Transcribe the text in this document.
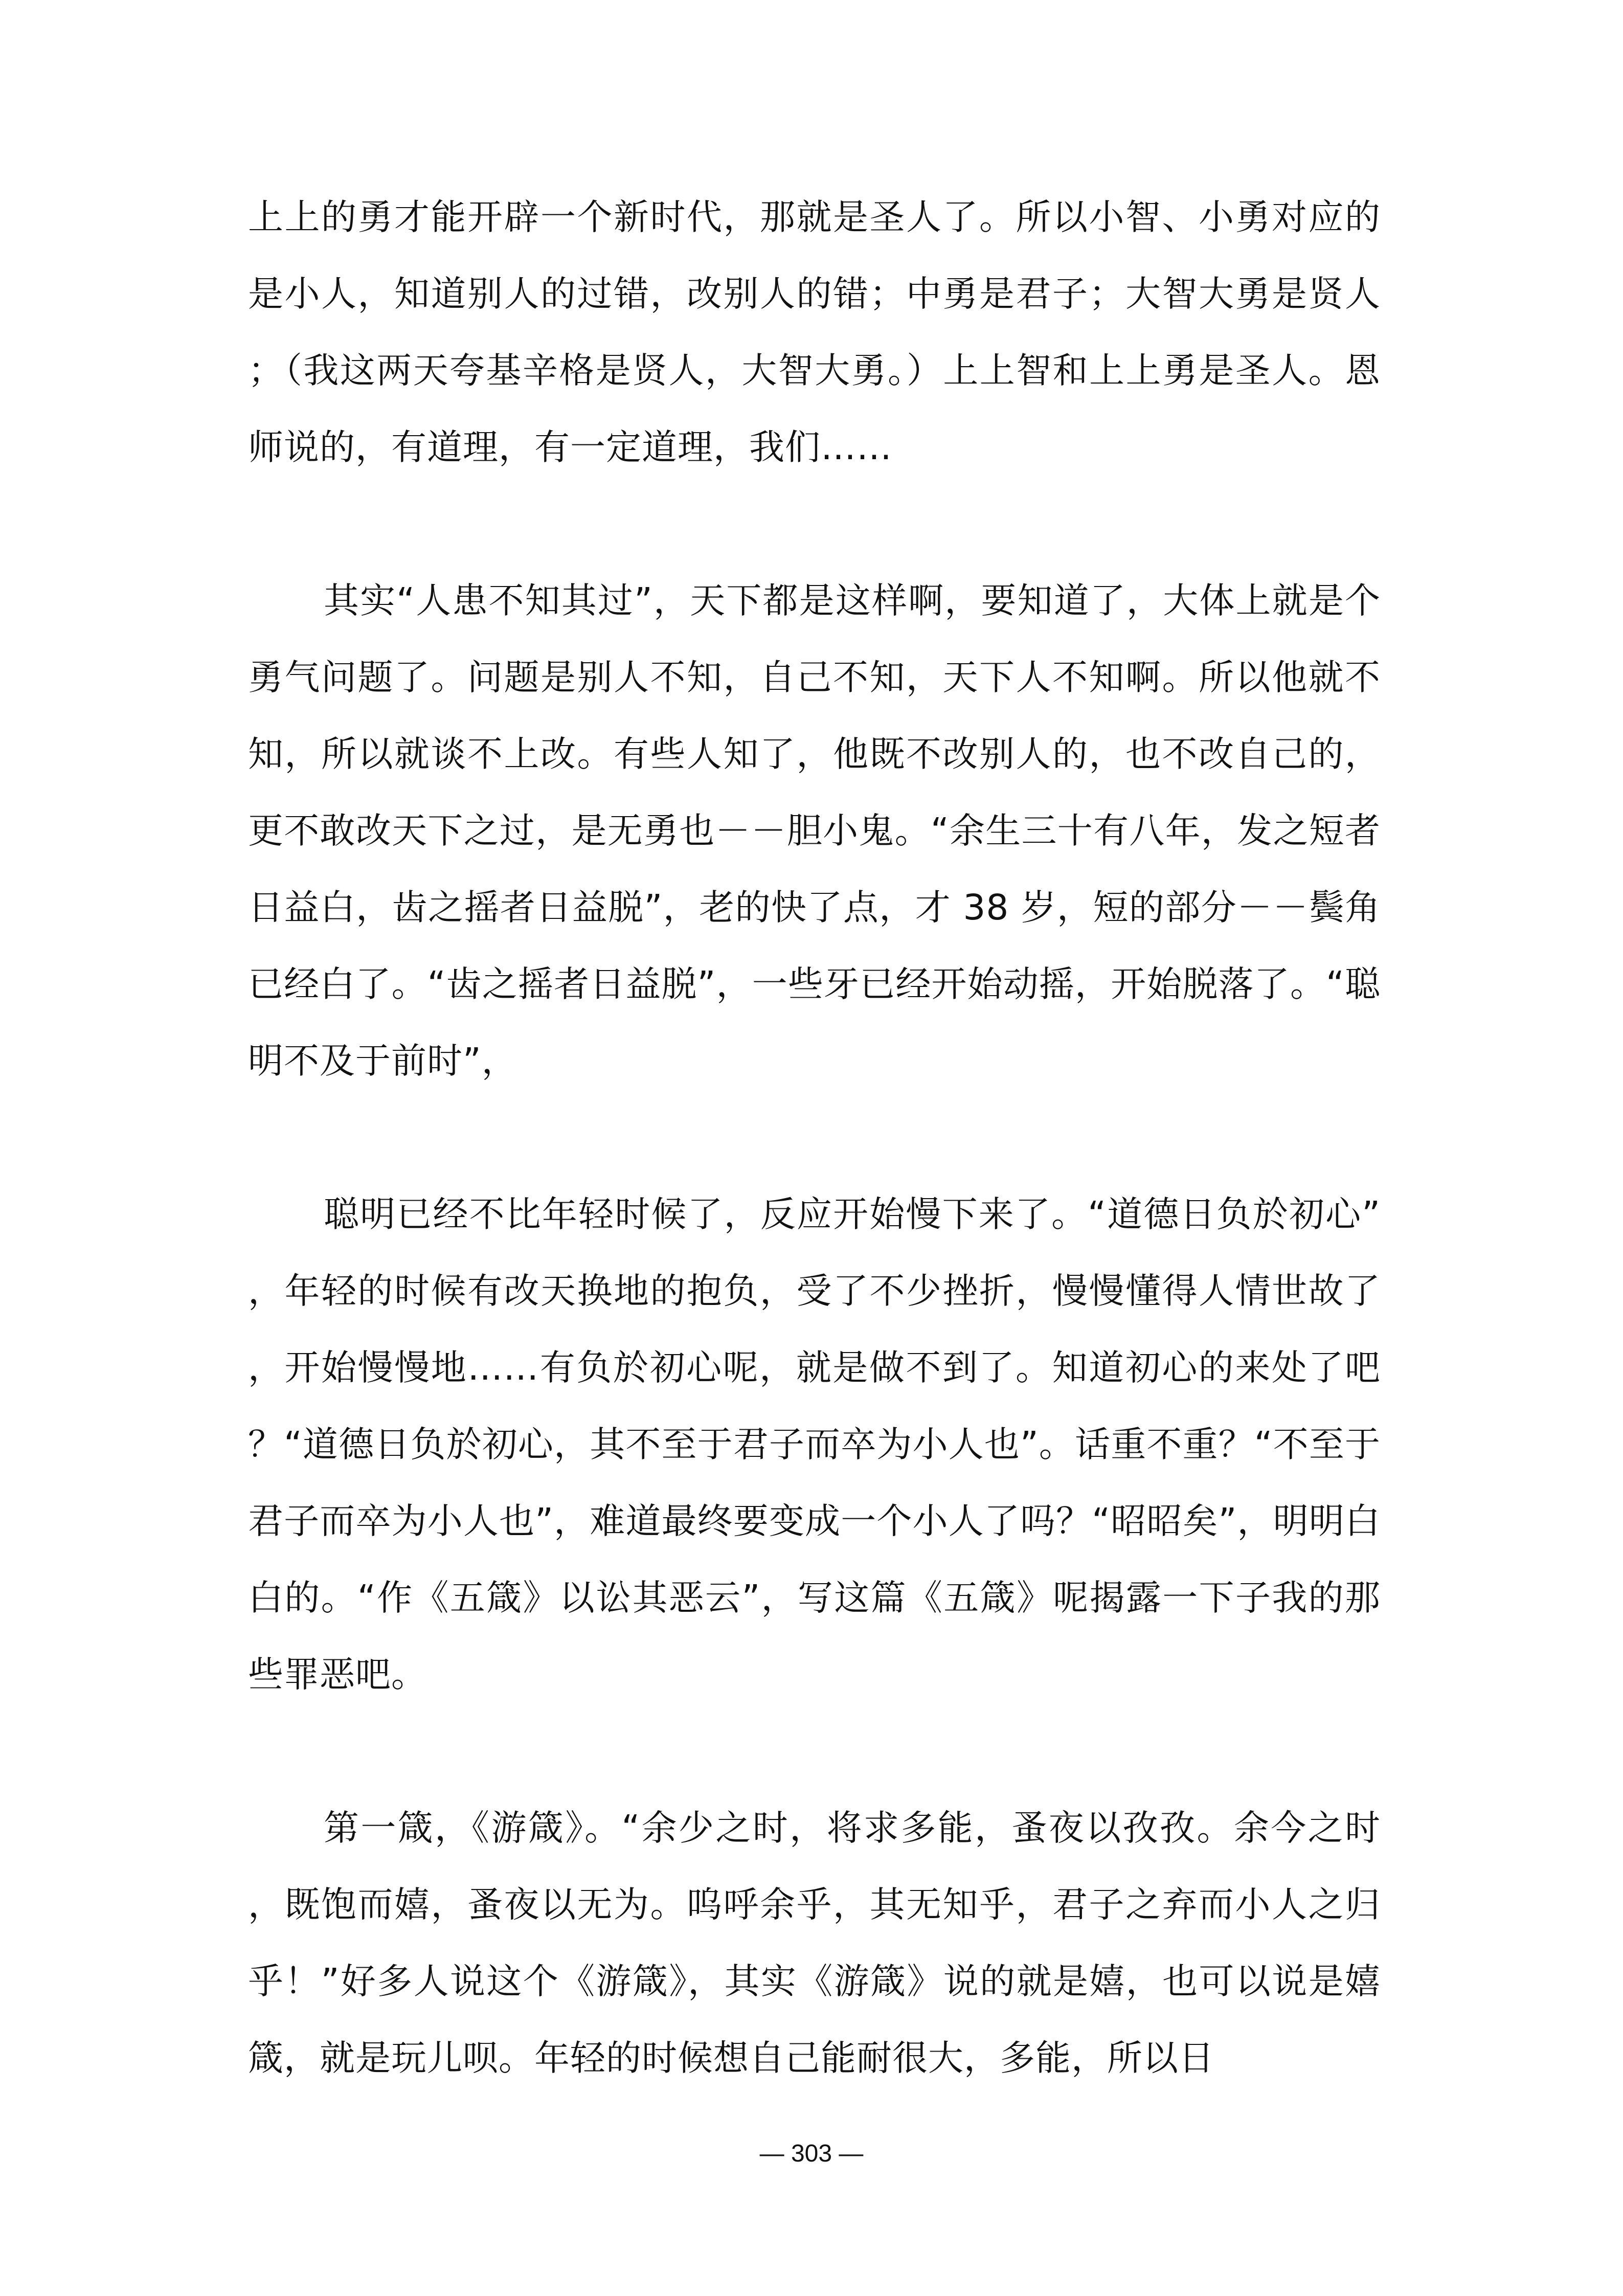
上上的勇才能开辟一个新时代，那就是圣人了。所以小智、小勇对应的是小人，知道别人的过错，改别人的错；中勇是君子；大智大勇是贤人；（我这两天夸基辛格是贤人，大智大勇。）上上智和上上勇是圣人。恩师说的，有道理，有一定道理，我们……

其实“人患不知其过”，天下都是这样啊，要知道了，大体上就是个勇气问题了。问题是别人不知，自己不知，天下人不知啊。所以他就不知，所以就谈不上改。有些人知了，他既不改别人的，也不改自己的，更不敢改天下之过，是无勇也－－胆小鬼。“余生三十有八年，发之短者日益白，齿之摇者日益脱”，老的快了点，才 38 岁，短的部分－－鬓角已经白了。“齿之摇者日益脱”，一些牙已经开始动摇，开始脱落了。“聪明不及于前时”，

聪明已经不比年轻时候了，反应开始慢下来了。“道德日负於初心”，年轻的时候有改天换地的抱负，受了不少挫折，慢慢懂得人情世故了，开始慢慢地……有负於初心呢，就是做不到了。知道初心的来处了吧？“道德日负於初心，其不至于君子而卒为小人也”。话重不重？“不至于君子而卒为小人也”，难道最终要变成一个小人了吗？“昭昭矣”，明明白白的。“作《五箴》以讼其恶云”，写这篇《五箴》呢揭露一下子我的那些罪恶吧。

第一箴，《游箴》。“余少之时，将求多能，蚤夜以孜孜。余今之时，既饱而嬉，蚤夜以无为。呜呼余乎，其无知乎，君子之弃而小人之归乎！”好多人说这个《游箴》，其实《游箴》说的就是嬉，也可以说是嬉箴，就是玩儿呗。年轻的时候想自己能耐很大，多能，所以日

— 303 —
